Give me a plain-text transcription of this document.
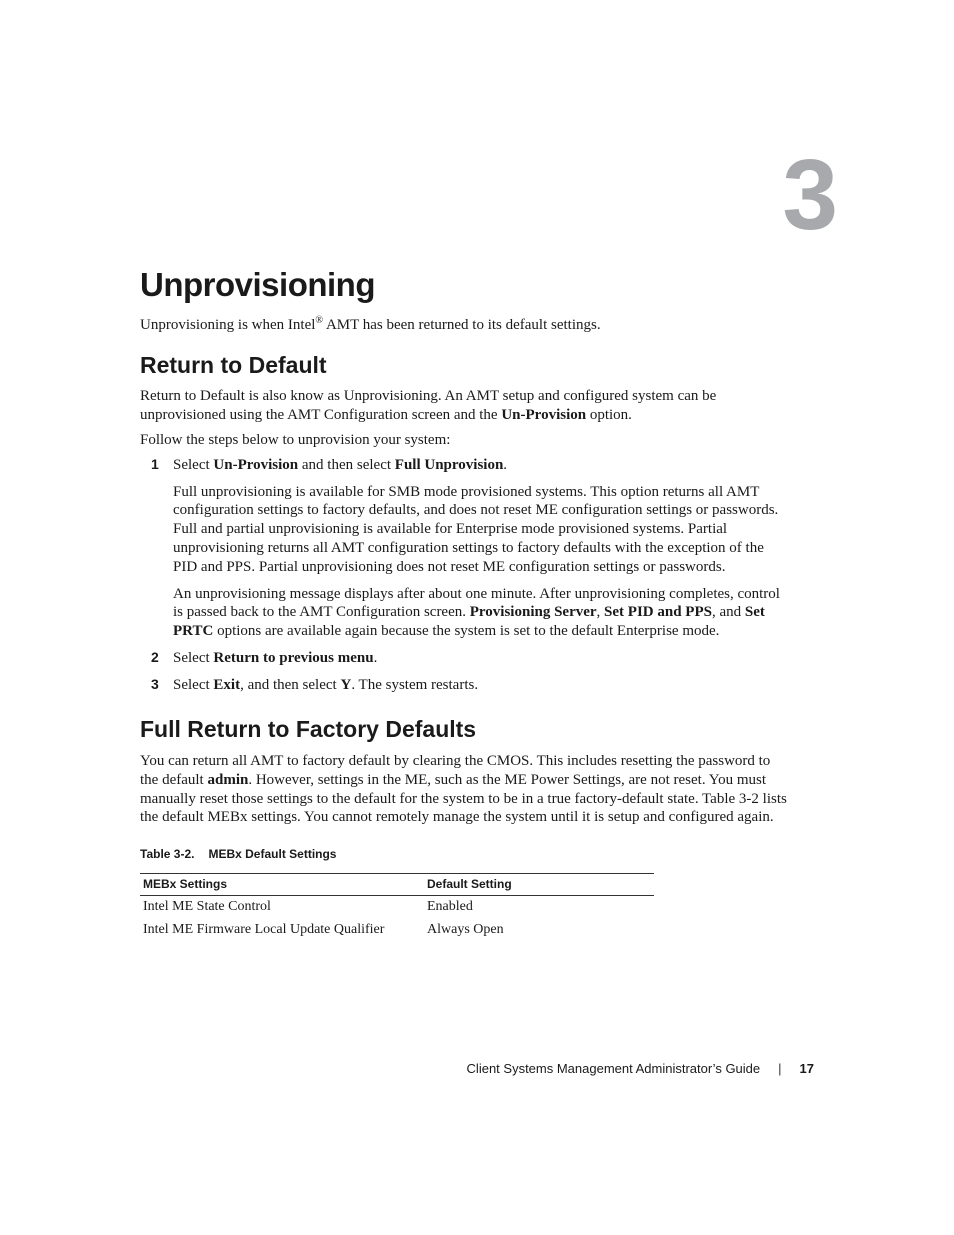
3
Unprovisioning

Unprovisioning is when Intel® AMT has been returned to its default settings.

Return to Default

Return to Default is also know as Unprovisioning. An AMT setup and configured system can be unprovisioned using the AMT Configuration screen and the Un-Provision option.

Follow the steps below to unprovision your system:

1 Select Un-Provision and then select Full Unprovision.

Full unprovisioning is available for SMB mode provisioned systems. This option returns all AMT configuration settings to factory defaults, and does not reset ME configuration settings or passwords. Full and partial unprovisioning is available for Enterprise mode provisioned systems. Partial unprovisioning returns all AMT configuration settings to factory defaults with the exception of the PID and PPS. Partial unprovisioning does not reset ME configuration settings or passwords.

An unprovisioning message displays after about one minute. After unprovisioning completes, control is passed back to the AMT Configuration screen. Provisioning Server, Set PID and PPS, and Set PRTC options are available again because the system is set to the default Enterprise mode.

2 Select Return to previous menu.

3 Select Exit, and then select Y. The system restarts.

Full Return to Factory Defaults

You can return all AMT to factory default by clearing the CMOS. This includes resetting the password to the default admin. However, settings in the ME, such as the ME Power Settings, are not reset. You must manually reset those settings to the default for the system to be in a true factory-default state. Table 3-2 lists the default MEBx settings. You cannot remotely manage the system until it is setup and configured again.

Table 3-2. MEBx Default Settings
MEBx Settings	Default Setting
Intel ME State Control	Enabled
Intel ME Firmware Local Update Qualifier	Always Open
Client Systems Management Administrator’s Guide | 17
